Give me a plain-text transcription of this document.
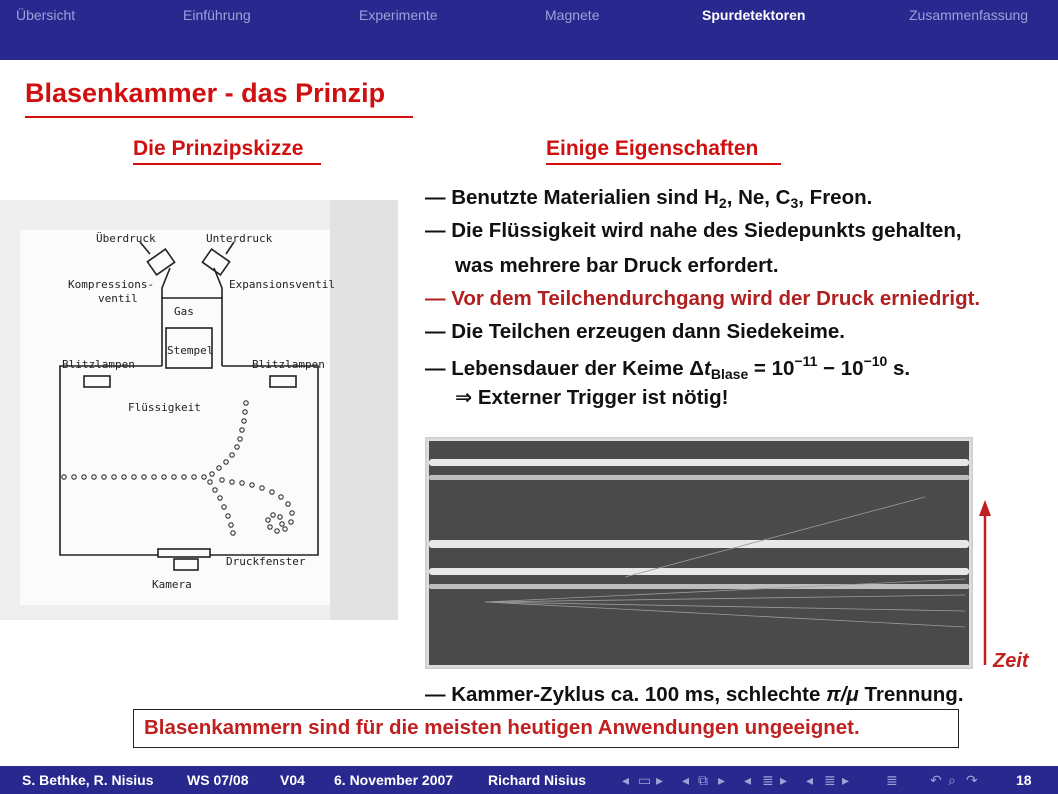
Übersicht	Einführung	Experimente	Magnete	Spurdetektoren	Zusammenfassung
Blasenkammer - das Prinzip
Die Prinzipskizze	Einige Eigenschaften
Überdruck	Unterdruck
Kompressions-
ventil
Expansionsventil
Gas
Stempel
Blitzlampen	Blitzlampen
Flüssigkeit
Druckfenster
Kamera
— Benutzte Materialien sind $H_2$, Ne, $C_3$, Freon.
— Die Flüssigkeit wird nahe des Siedepunkts gehalten,
was mehrere bar Druck erfordert.
— Vor dem Teilchendurchgang wird der Druck erniedrigt.
— Die Teilchen erzeugen dann Siedekeime.
— Lebensdauer der Keime $\Delta t_{Blase} = 10^{-11} - 10^{-10}$ s.
⇒ Externer Trigger ist nötig!
Zeit
— Kammer-Zyklus ca. 100 ms, schlechte π/μ Trennung.
Blasenkammern sind für die meisten heutigen Anwendungen ungeeignet.
S. Bethke, R. Nisius WS 07/08 V04 6. November 2007 Richard Nisius	◂ ▭ ▸ ◂ ⧉ ▸ ◂ ≣ ▸ ◂ ≣ ▸	≣ ↶ ⌕ ↷	18
